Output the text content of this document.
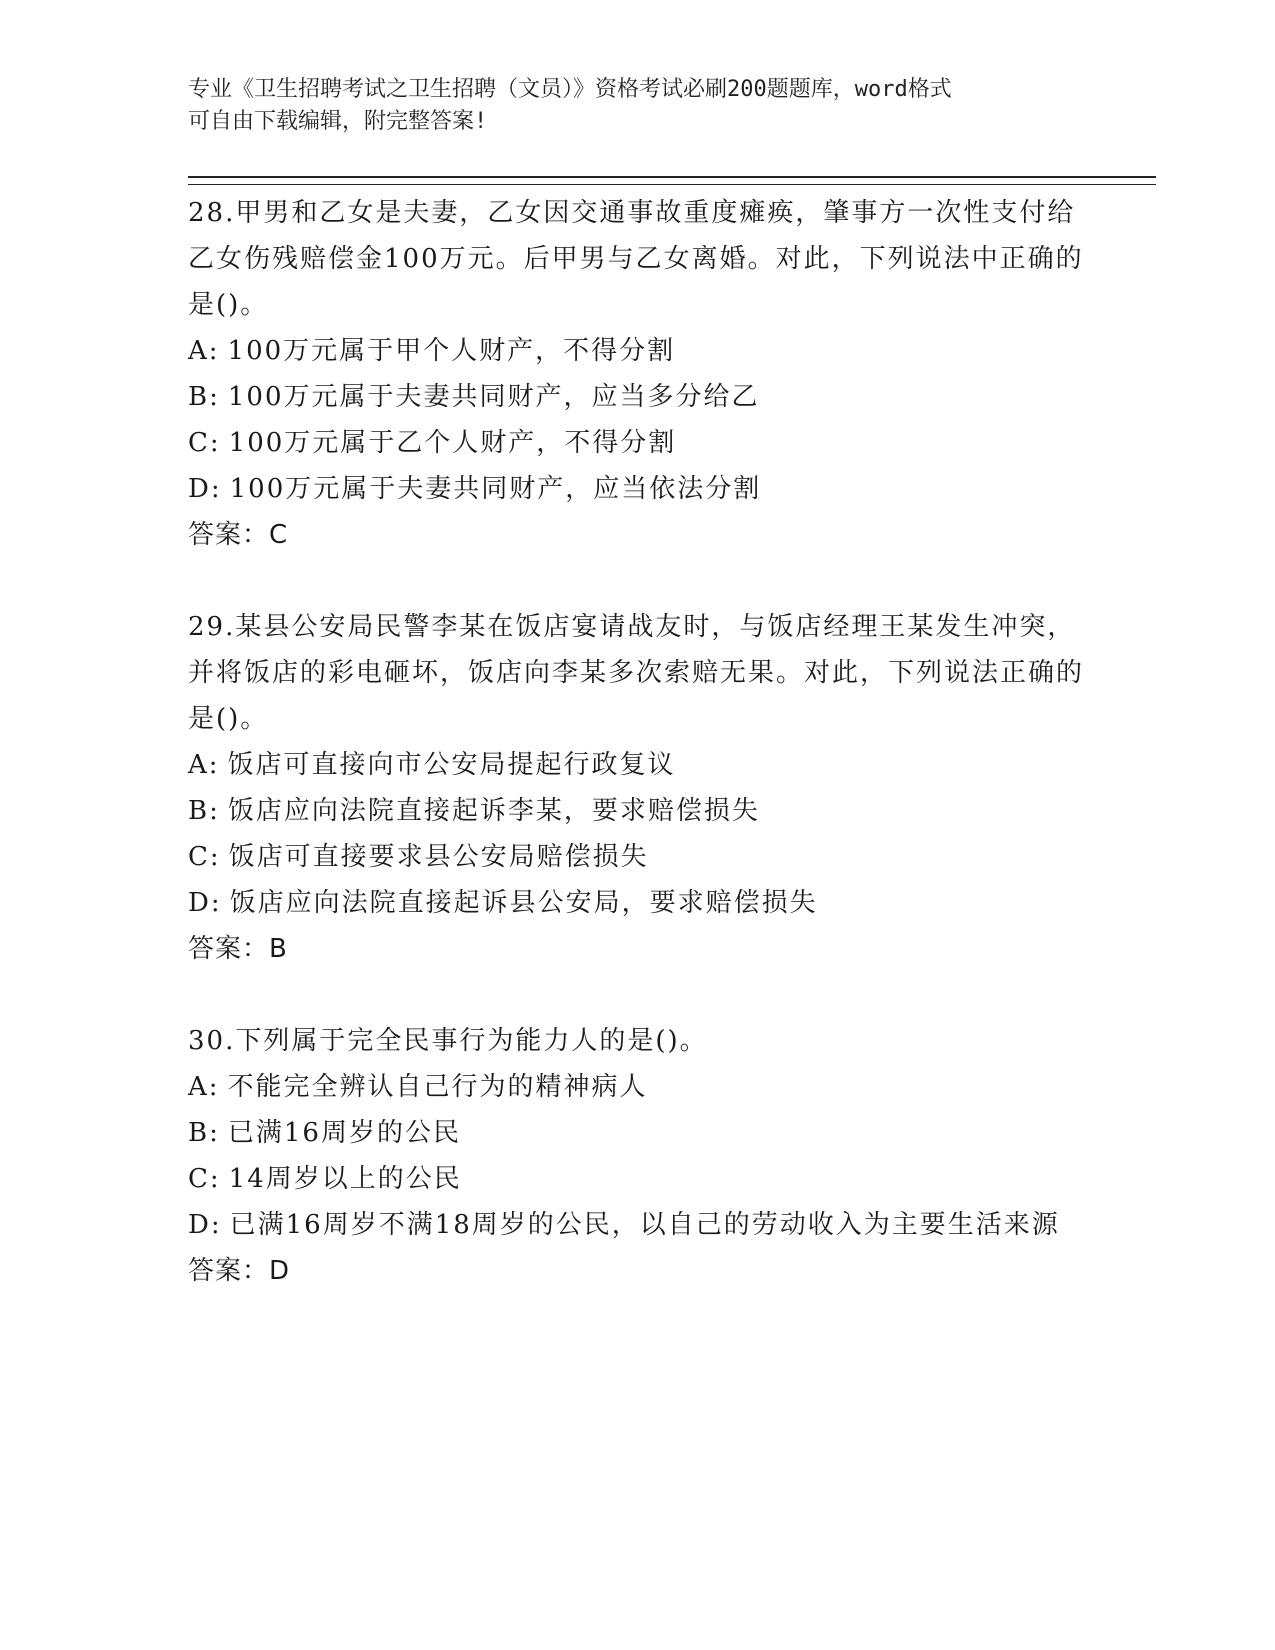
专业《卫生招聘考试之卫生招聘（文员）》资格考试必刷200题题库，word格式
可自由下载编辑，附完整答案!
28.甲男和乙女是夫妻，乙女因交通事故重度瘫痪，肇事方一次性支付给乙女伤残赔偿金100万元。后甲男与乙女离婚。对此，下列说法中正确的是()。
A: 100万元属于甲个人财产，不得分割
B: 100万元属于夫妻共同财产，应当多分给乙
C: 100万元属于乙个人财产，不得分割
D: 100万元属于夫妻共同财产，应当依法分割
答案：C
29.某县公安局民警李某在饭店宴请战友时，与饭店经理王某发生冲突，并将饭店的彩电砸坏，饭店向李某多次索赔无果。对此，下列说法正确的是()。
A: 饭店可直接向市公安局提起行政复议
B: 饭店应向法院直接起诉李某，要求赔偿损失
C: 饭店可直接要求县公安局赔偿损失
D: 饭店应向法院直接起诉县公安局，要求赔偿损失
答案：B
30.下列属于完全民事行为能力人的是()。
A: 不能完全辨认自己行为的精神病人
B: 已满16周岁的公民
C: 14周岁以上的公民
D: 已满16周岁不满18周岁的公民，以自己的劳动收入为主要生活来源
答案：D
